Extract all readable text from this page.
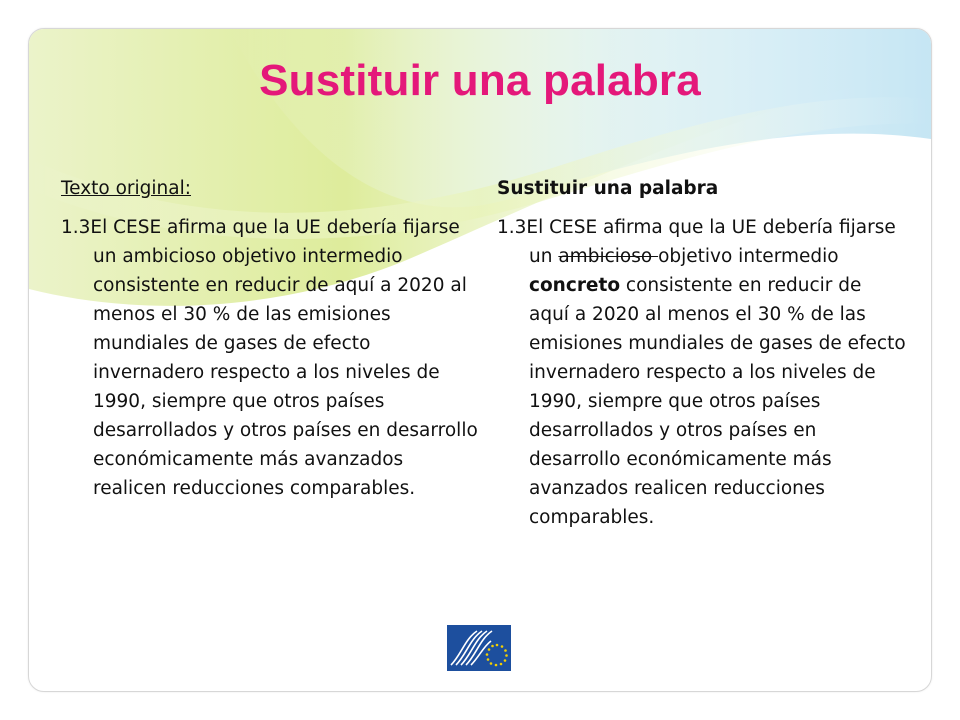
Sustituir una palabra

Texto original:

1.3El CESE afirma que la UE debería fijarse un ambicioso objetivo intermedio consistente en reducir de aquí a 2020 al menos el 30 % de las emisiones mundiales de gases de efecto invernadero respecto a los niveles de 1990, siempre que otros países desarrollados y otros países en desarrollo económicamente más avanzados realicen reducciones comparables.

Sustituir una palabra

1.3El CESE afirma que la UE debería fijarse un ambicioso objetivo intermedio concreto consistente en reducir de aquí a 2020 al menos el 30 % de las emisiones mundiales de gases de efecto invernadero respecto a los niveles de 1990, siempre que otros países desarrollados y otros países en desarrollo económicamente más avanzados realicen reducciones comparables.
